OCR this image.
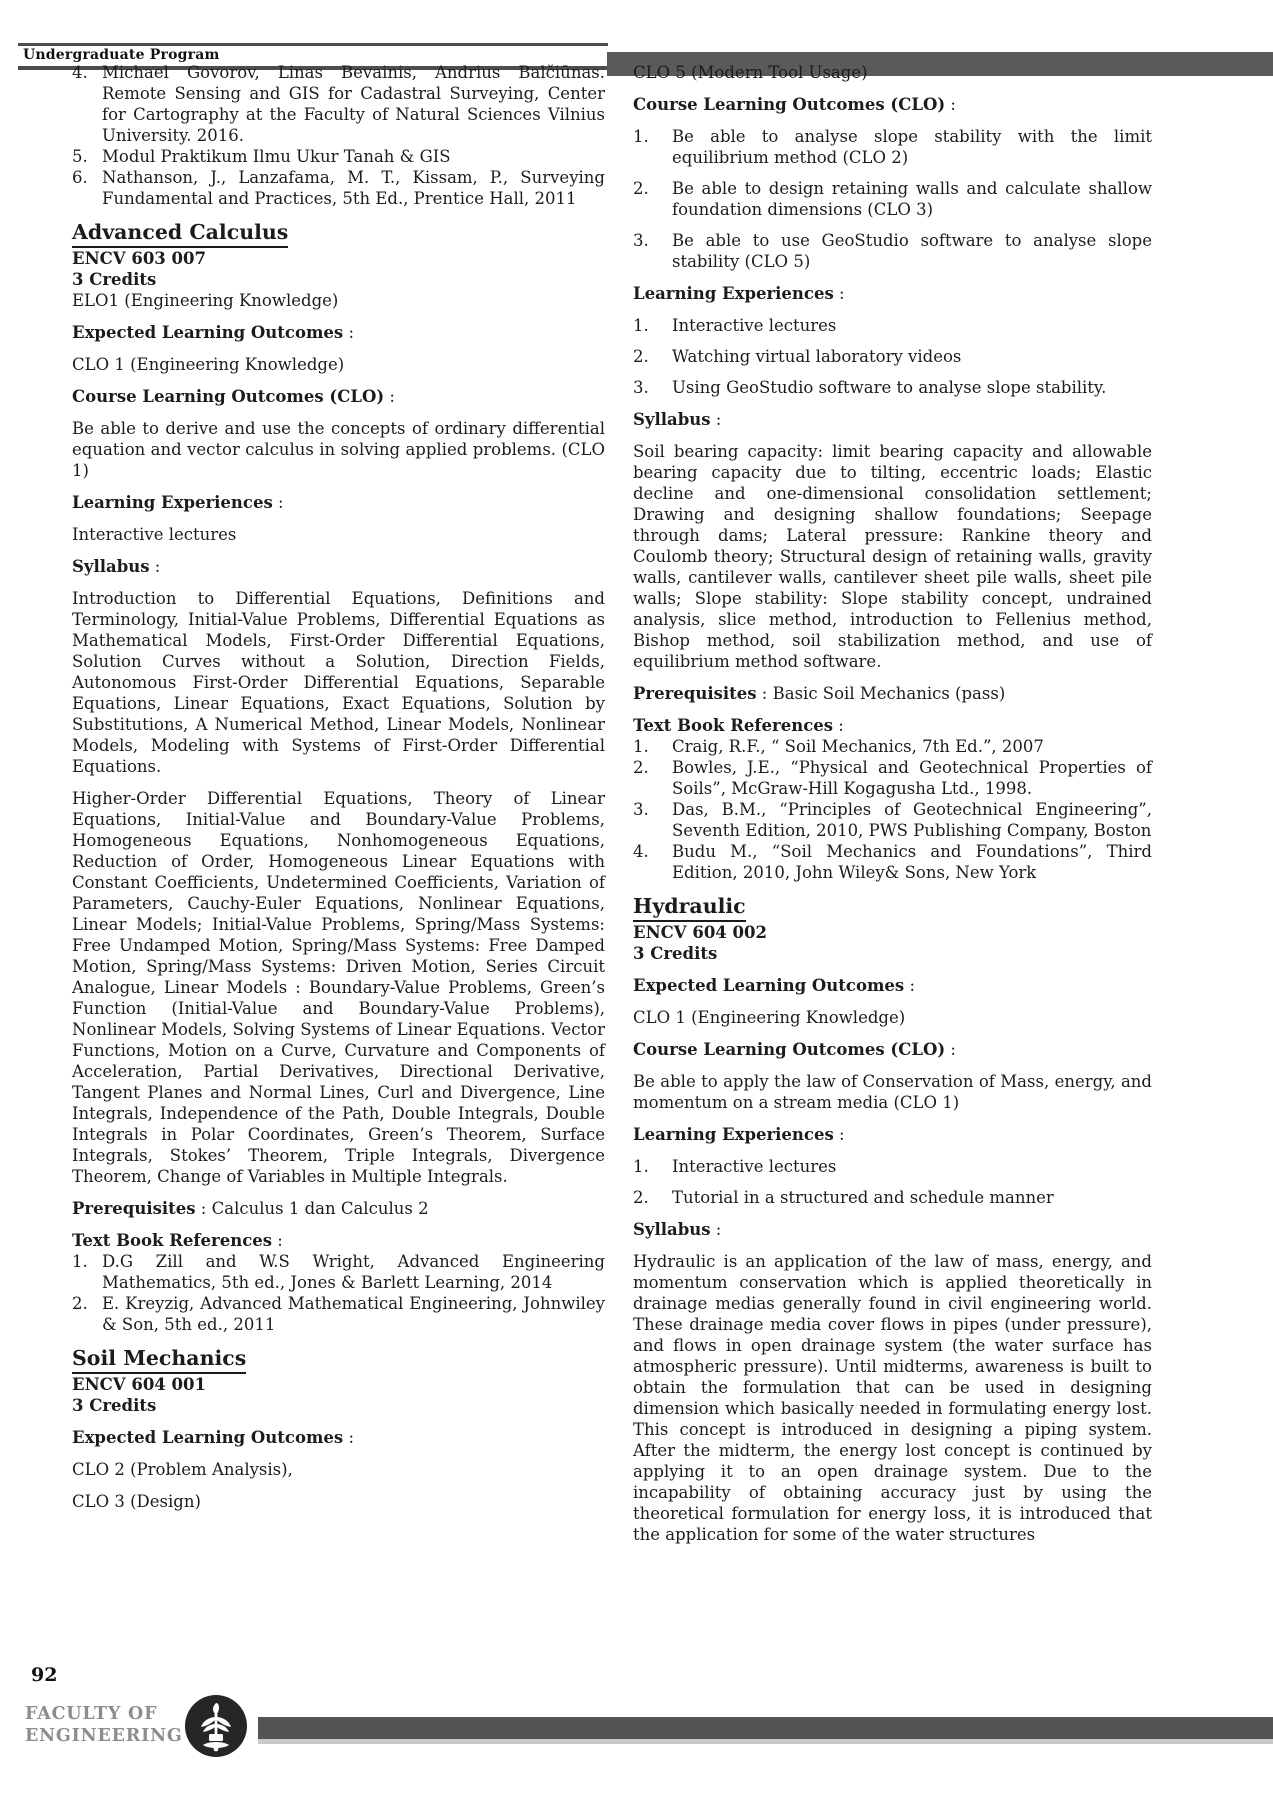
Undergraduate Program
4. Michael Govorov, Linas Bevainis, Andrius Balčiūnas. Remote Sensing and GIS for Cadastral Surveying, Center for Cartography at the Faculty of Natural Sciences Vilnius University. 2016.
5. Modul Praktikum Ilmu Ukur Tanah & GIS
6. Nathanson, J., Lanzafama, M. T., Kissam, P., Surveying Fundamental and Practices, 5th Ed., Prentice Hall, 2011
Advanced Calculus
ENCV 603 007
3 Credits
ELO1 (Engineering Knowledge)
Expected Learning Outcomes :
CLO 1 (Engineering Knowledge)
Course Learning Outcomes (CLO) :
Be able to derive and use the concepts of ordinary differential equation and vector calculus in solving applied problems. (CLO 1)
Learning Experiences :
Interactive lectures
Syllabus :
Introduction to Differential Equations, Definitions and Terminology, Initial-Value Problems, Differential Equations as Mathematical Models, First-Order Differential Equations, Solution Curves without a Solution, Direction Fields, Autonomous First-Order Differential Equations, Separable Equations, Linear Equations, Exact Equations, Solution by Substitutions, A Numerical Method, Linear Models, Nonlinear Models, Modeling with Systems of First-Order Differential Equations.
Higher-Order Differential Equations, Theory of Linear Equations, Initial-Value and Boundary-Value Problems, Homogeneous Equations, Nonhomogeneous Equations, Reduction of Order, Homogeneous Linear Equations with Constant Coefficients, Undetermined Coefficients, Variation of Parameters, Cauchy-Euler Equations, Nonlinear Equations, Linear Models; Initial-Value Problems, Spring/Mass Systems: Free Undamped Motion, Spring/Mass Systems: Free Damped Motion, Spring/Mass Systems: Driven Motion, Series Circuit Analogue, Linear Models : Boundary-Value Problems, Green’s Function (Initial-Value and Boundary-Value Problems), Nonlinear Models, Solving Systems of Linear Equations. Vector Functions, Motion on a Curve, Curvature and Components of Acceleration, Partial Derivatives, Directional Derivative, Tangent Planes and Normal Lines, Curl and Divergence, Line Integrals, Independence of the Path, Double Integrals, Double Integrals in Polar Coordinates, Green’s Theorem, Surface Integrals, Stokes’ Theorem, Triple Integrals, Divergence Theorem, Change of Variables in Multiple Integrals.
Prerequisites : Calculus 1 dan Calculus 2
Text Book References :
1. D.G Zill and W.S Wright, Advanced Engineering Mathematics, 5th ed., Jones & Barlett Learning, 2014
2. E. Kreyzig, Advanced Mathematical Engineering, Johnwiley & Son, 5th ed., 2011
Soil Mechanics
ENCV 604 001
3 Credits
Expected Learning Outcomes :
CLO 2 (Problem Analysis),
CLO 3 (Design)
CLO 5 (Modern Tool Usage)
Course Learning Outcomes (CLO) :
1.	Be able to analyse slope stability with the limit equilibrium method (CLO 2)
2.	Be able to design retaining walls and calculate shallow foundation dimensions (CLO 3)
3.	Be able to use GeoStudio software to analyse slope stability (CLO 5)
Learning Experiences :
1.	Interactive lectures
2.	Watching virtual laboratory videos
3.	Using GeoStudio software to analyse slope stability.
Syllabus :
Soil bearing capacity: limit bearing capacity and allowable bearing capacity due to tilting, eccentric loads; Elastic decline and one-dimensional consolidation settlement; Drawing and designing shallow foundations; Seepage through dams; Lateral pressure: Rankine theory and Coulomb theory; Structural design of retaining walls, gravity walls, cantilever walls, cantilever sheet pile walls, sheet pile walls; Slope stability: Slope stability concept, undrained analysis, slice method, introduction to Fellenius method, Bishop method, soil stabilization method, and use of equilibrium method software.
Prerequisites : Basic Soil Mechanics (pass)
Text Book References :
1.	Craig, R.F., “ Soil Mechanics, 7th Ed.”, 2007
2.	Bowles, J.E., “Physical and Geotechnical Properties of Soils”, McGraw-Hill Kogagusha Ltd., 1998.
3.	Das, B.M., “Principles of Geotechnical Engineering”, Seventh Edition, 2010, PWS Publishing Company, Boston
4.	Budu M., “Soil Mechanics and Foundations”, Third Edition, 2010, John Wiley& Sons, New York
Hydraulic
ENCV 604 002
3 Credits
Expected Learning Outcomes :
CLO 1 (Engineering Knowledge)
Course Learning Outcomes (CLO) :
Be able to apply the law of Conservation of Mass, energy, and momentum on a stream media (CLO 1)
Learning Experiences :
1.	Interactive lectures
2.	Tutorial in a structured and schedule manner
Syllabus :
Hydraulic is an application of the law of mass, energy, and momentum conservation which is applied theoretically in drainage medias generally found in civil engineering world. These drainage media cover flows in pipes (under pressure), and flows in open drainage system (the water surface has atmospheric pressure). Until midterms, awareness is built to obtain the formulation that can be used in designing dimension which basically needed in formulating energy lost. This concept is introduced in designing a piping system. After the midterm, the energy lost concept is continued by applying it to an open drainage system. Due to the incapability of obtaining accuracy just by using the theoretical formulation for energy loss, it is introduced that the application for some of the water structures
92
FACULTY OF
ENGINEERING
